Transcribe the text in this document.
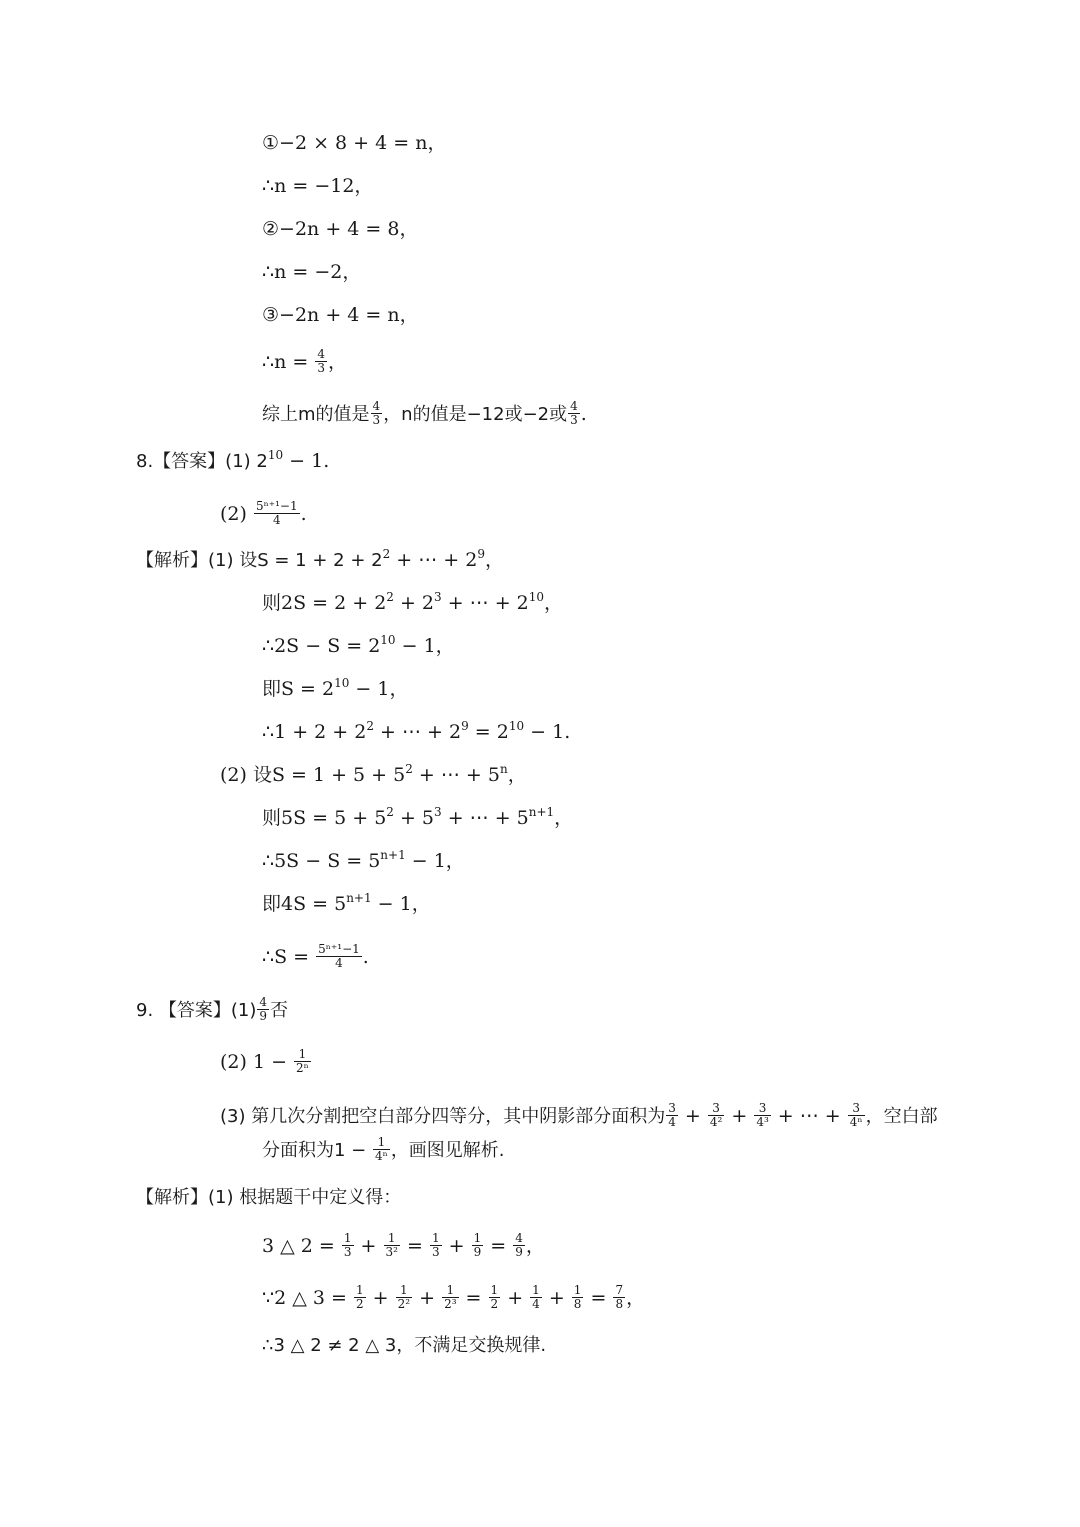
①−2 × 8 + 4 = n，
∴n = −12，
②−2n + 4 = 8，
∴n = −2，
③−2n + 4 = n，
∴n = $\frac{4}{3}$ ，
综上m的值是 $\frac{4}{3}$ ，n的值是−12或−2或 $\frac{4}{3}$ .
8.【答案】(1) $2^{10} - 1$.
$(2) \frac{\text{5ⁿ⁺¹−1}}{4}$ .
【解析】(1) 设$S = 1 + 2 + 2^2$ + ⋯ + $2^9$，
则$2S = 2 + 2^2 + 2^3$ + ⋯ + $2^{10}$，
∴2S − $S = 2^{10} - 1$，
即$S = 2^{10} - 1$，
∴1 + $2 + 2^2$ + ⋯ + $2^9 = 2^{10} - 1$.
(2) 设$S = 1 + 5 + 5^2$ + ⋯ + $5^n$，
则$5S = 5 + 5^2 + 5^3$ + ⋯ + $5^{n+1}$，
∴5S − $S = 5^{n+1} - 1$，
即$4S = 5^{n+1} - 1$，
∴S = $\frac{\text{5ⁿ⁺¹−1}}{4}$ .
9. 【答案】$(1) \frac{4}{9}$ 否
(2) $1 - \frac{1}{\text{2ⁿ}}$
(3) 第几次分割把空白部分四等分，其中阴影部分面积为 $\frac{3}{4} + \frac{3}{\text{4²}} + \frac{3}{\text{4³}}$ + ⋯ + $\frac{3}{\text{4ⁿ}}$ ，空白部
分面积为$1 - \frac{1}{\text{4ⁿ}}$ ，画图见解析.
【解析】(1) 根据题干中定义得：
3 △ $2 = \frac{1}{3} + \frac{1}{\text{3²}} = \frac{1}{3} + \frac{1}{9} = \frac{4}{9}$ ，
∵2 △ $3 = \frac{1}{2} + \frac{1}{\text{2²}} + \frac{1}{\text{2³}} = \frac{1}{2} + \frac{1}{4} + \frac{1}{8} = \frac{7}{8}$ ，
∴3 △ 2 ≠ 2 △ 3，不满足交换规律.
